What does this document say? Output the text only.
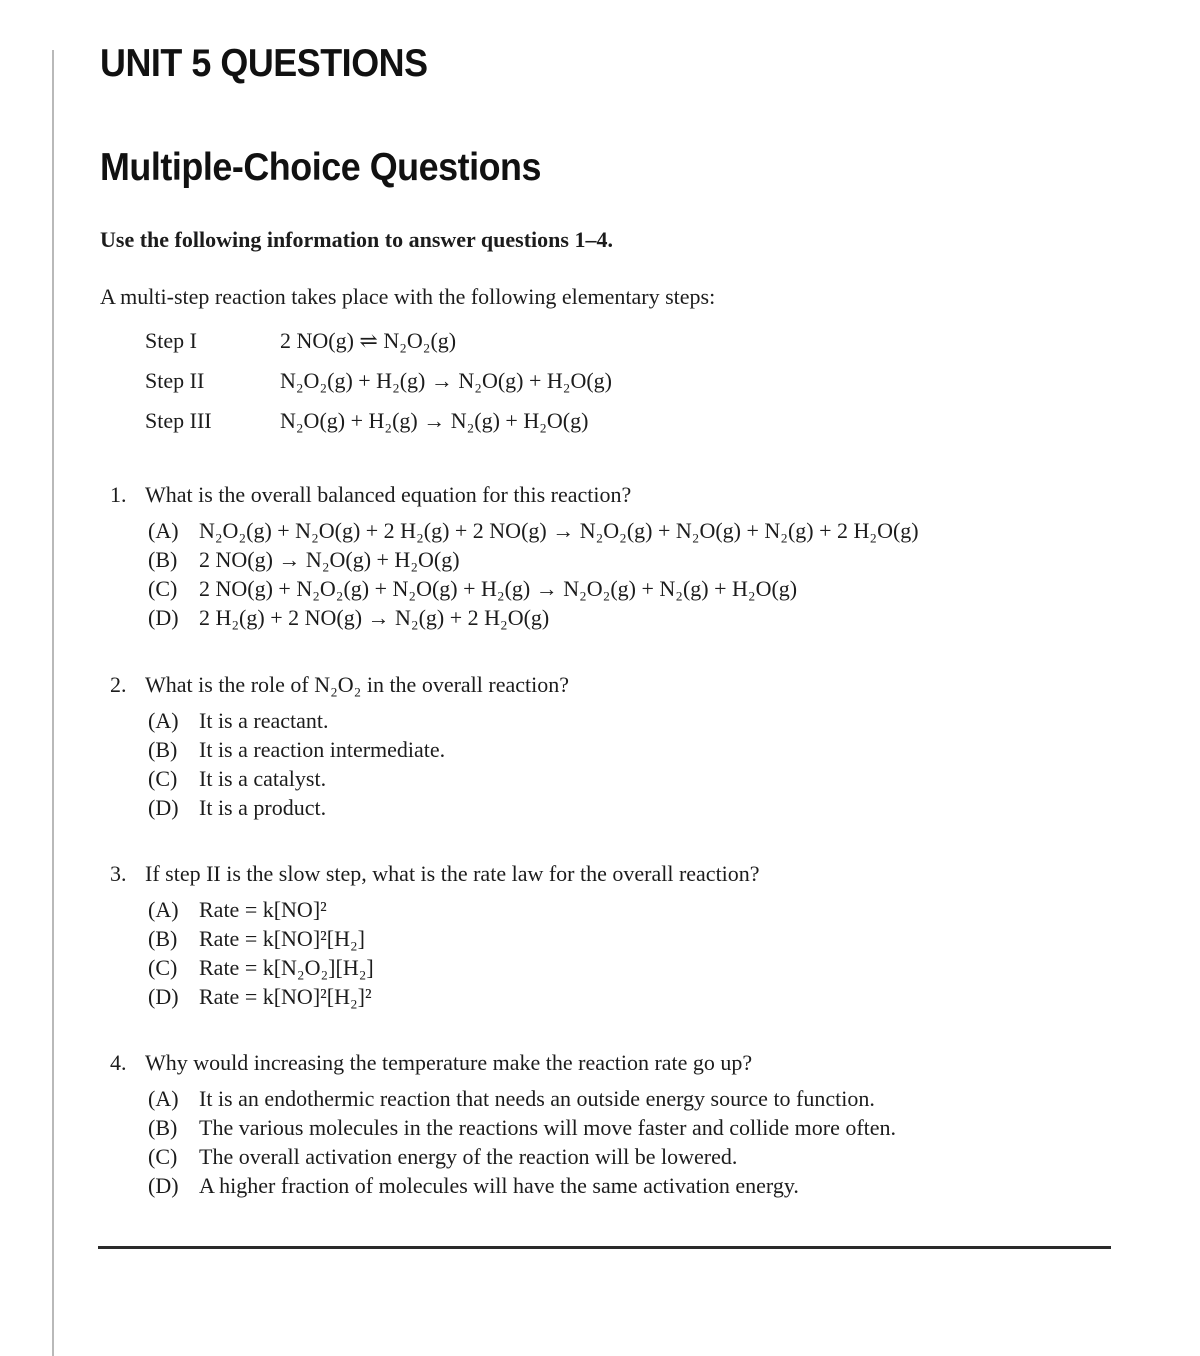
UNIT 5 QUESTIONS
Multiple-Choice Questions
Use the following information to answer questions 1–4.
A multi-step reaction takes place with the following elementary steps:
Step I	2 NO(g) ⇌ N₂O₂(g)
Step II	N₂O₂(g) + H₂(g) → N₂O(g) + H₂O(g)
Step III	N₂O(g) + H₂(g) → N₂(g) + H₂O(g)
1. What is the overall balanced equation for this reaction?
(A) N₂O₂(g) + N₂O(g) + 2 H₂(g) + 2 NO(g) → N₂O₂(g) + N₂O(g) + N₂(g) + 2 H₂O(g)
(B) 2 NO(g) → N₂O(g) + H₂O(g)
(C) 2 NO(g) + N₂O₂(g) + N₂O(g) + H₂(g) → N₂O₂(g) + N₂(g) + H₂O(g)
(D) 2 H₂(g) + 2 NO(g) → N₂(g) + 2 H₂O(g)
2. What is the role of N₂O₂ in the overall reaction?
(A) It is a reactant.
(B) It is a reaction intermediate.
(C) It is a catalyst.
(D) It is a product.
3. If step II is the slow step, what is the rate law for the overall reaction?
(A) Rate = k[NO]²
(B) Rate = k[NO]²[H₂]
(C) Rate = k[N₂O₂][H₂]
(D) Rate = k[NO]²[H₂]²
4. Why would increasing the temperature make the reaction rate go up?
(A) It is an endothermic reaction that needs an outside energy source to function.
(B) The various molecules in the reactions will move faster and collide more often.
(C) The overall activation energy of the reaction will be lowered.
(D) A higher fraction of molecules will have the same activation energy.
